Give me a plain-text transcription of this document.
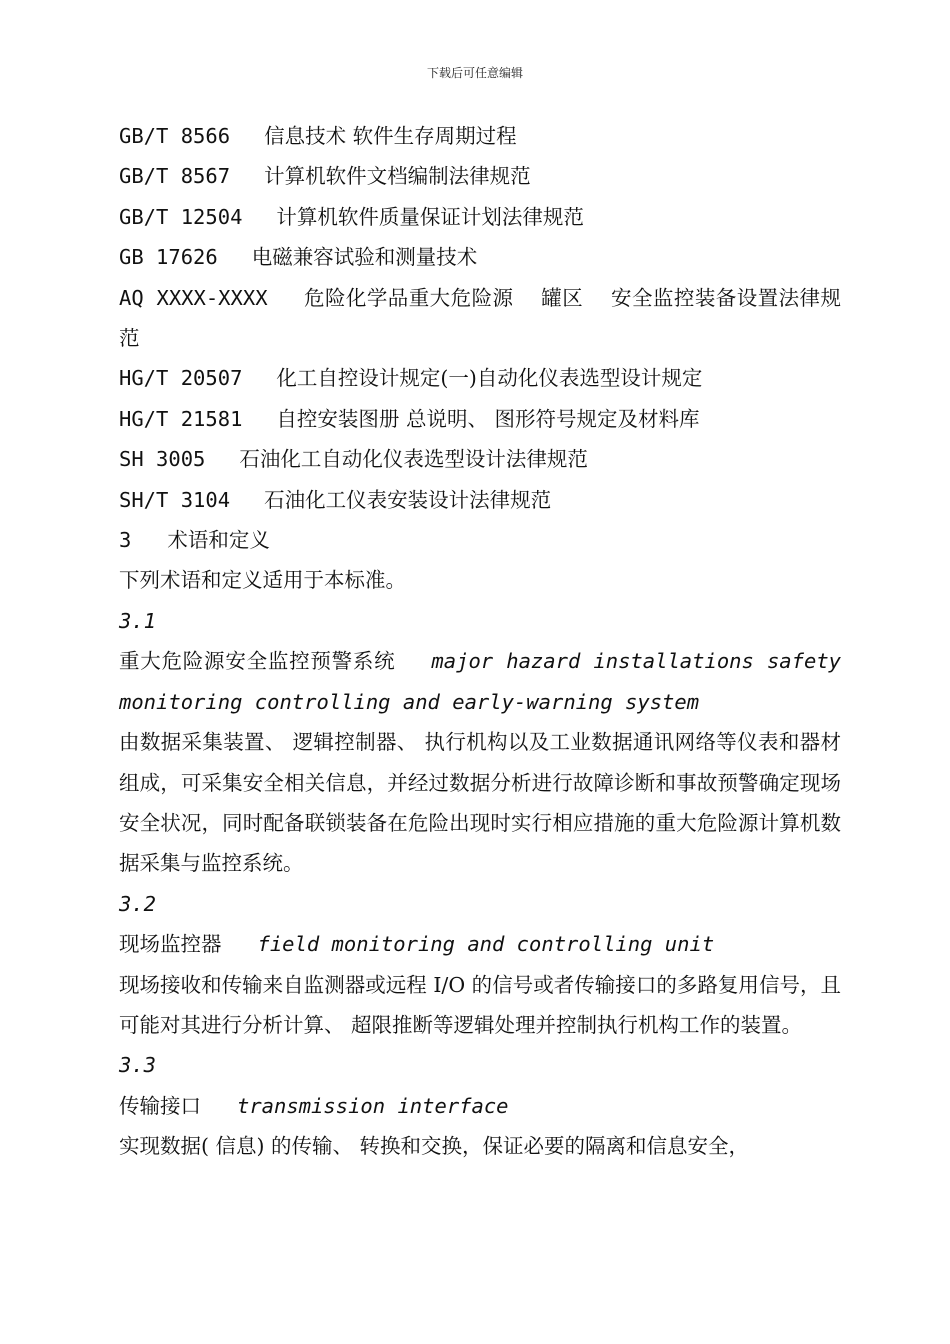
下载后可任意编辑
GB/T 8566 信息技术 软件生存周期过程
GB/T 8567 计算机软件文档编制法律规范
GB/T 12504 计算机软件质量保证计划法律规范
GB 17626 电磁兼容试验和测量技术
AQ XXXX-XXXX 危险化学品重大危险源    罐区    安全监控装备设置法律规范
HG/T 20507 化工自控设计规定(一)自动化仪表选型设计规定
HG/T 21581 自控安装图册 总说明、 图形符号规定及材料库
SH 3005 石油化工自动化仪表选型设计法律规范
SH/T 3104 石油化工仪表安装设计法律规范
3 术语和定义
下列术语和定义适用于本标准。
3.1
重大危险源安全监控预警系统 major hazard installations safety monitoring controlling and early-warning system
由数据采集装置、 逻辑控制器、 执行机构以及工业数据通讯网络等仪表和器材组成，可采集安全相关信息，并经过数据分析进行故障诊断和事故预警确定现场安全状况，同时配备联锁装备在危险出现时实行相应措施的重大危险源计算机数据采集与监控系统。
3.2
现场监控器 field monitoring and controlling unit
现场接收和传输来自监测器或远程 I/O 的信号或者传输接口的多路复用信号，且可能对其进行分析计算、 超限推断等逻辑处理并控制执行机构工作的装置。
3.3
传输接口 transmission interface
实现数据( 信息) 的传输、 转换和交换，保证必要的隔离和信息安全，
